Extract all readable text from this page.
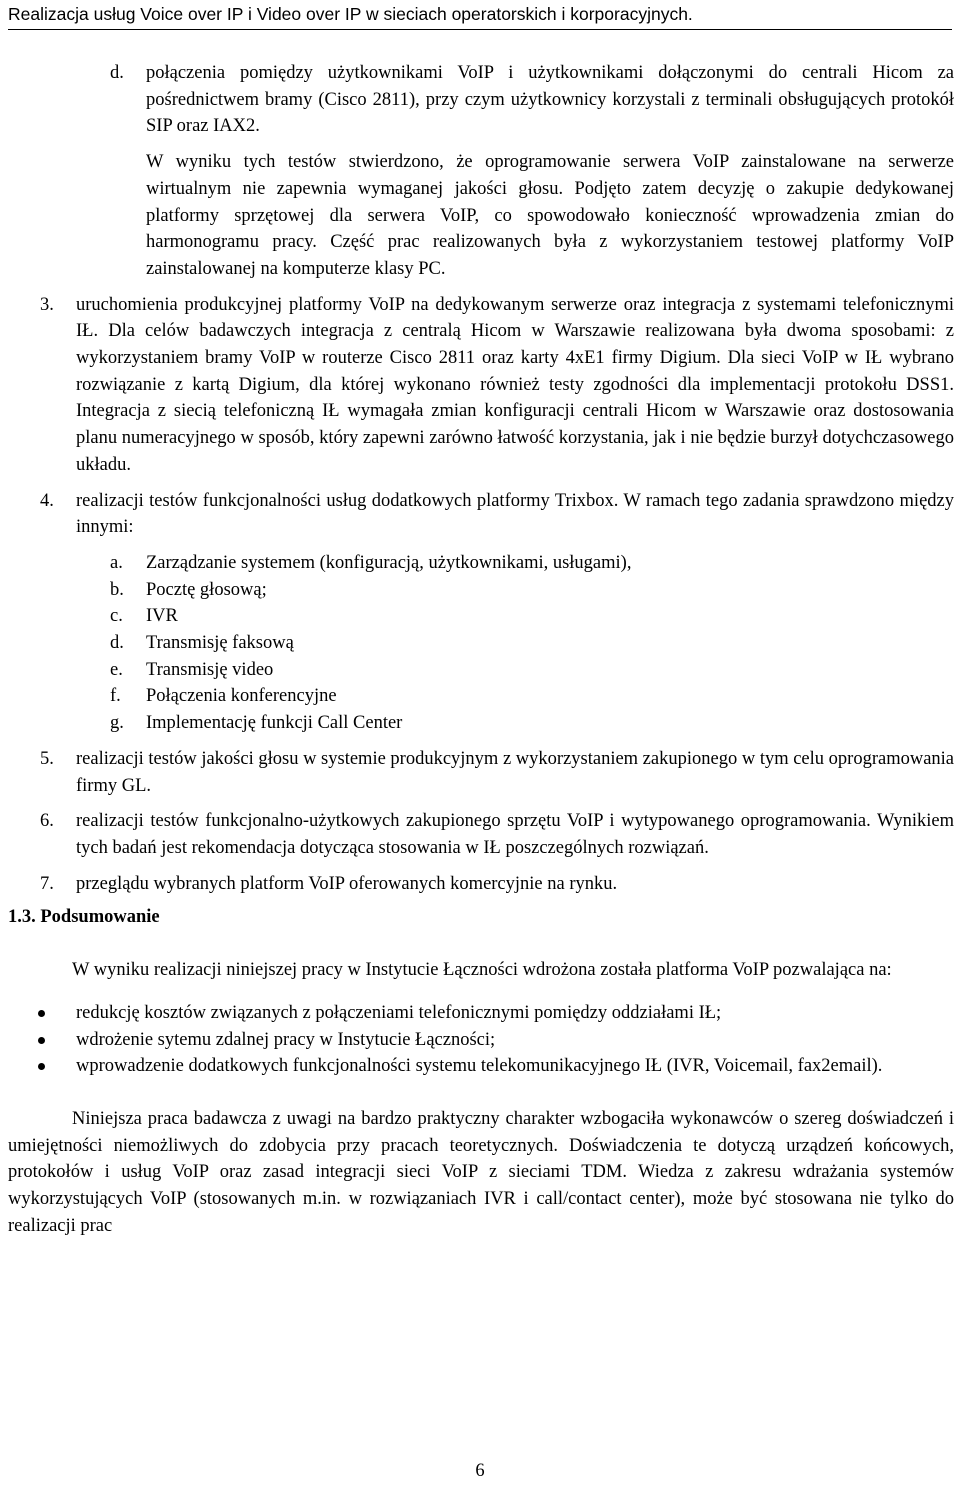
Realizacja usług Voice over IP i Video over IP w sieciach operatorskich i korporacyjnych.
d. połączenia pomiędzy użytkownikami VoIP i użytkownikami dołączonymi do centrali Hicom za pośrednictwem bramy (Cisco 2811), przy czym użytkownicy korzystali z terminali obsługujących protokół SIP oraz IAX2.
W wyniku tych testów stwierdzono, że oprogramowanie serwera VoIP zainstalowane na serwerze wirtualnym nie zapewnia wymaganej jakości głosu. Podjęto zatem decyzję o zakupie dedykowanej platformy sprzętowej dla serwera VoIP, co spowodowało konieczność wprowadzenia zmian do harmonogramu pracy. Część prac realizowanych była z wykorzystaniem testowej platformy VoIP zainstalowanej na komputerze klasy PC.
3. uruchomienia produkcyjnej platformy VoIP na dedykowanym serwerze oraz integracja z systemami telefonicznymi IŁ. Dla celów badawczych integracja z centralą Hicom w Warszawie realizowana była dwoma sposobami: z wykorzystaniem bramy VoIP w routerze Cisco 2811 oraz karty 4xE1 firmy Digium. Dla sieci VoIP w IŁ wybrano rozwiązanie z kartą Digium, dla której wykonano również testy zgodności dla implementacji protokołu DSS1. Integracja z siecią telefoniczną IŁ wymagała zmian konfiguracji centrali Hicom w Warszawie oraz dostosowania planu numeracyjnego w sposób, który zapewni zarówno łatwość korzystania, jak i nie będzie burzył dotychczasowego układu.
4. realizacji testów funkcjonalności usług dodatkowych platformy Trixbox. W ramach tego zadania sprawdzono między innymi:
a. Zarządzanie systemem (konfiguracją, użytkownikami, usługami),
b. Pocztę głosową;
c. IVR
d. Transmisję faksową
e. Transmisję video
f. Połączenia konferencyjne
g. Implementację funkcji Call Center
5. realizacji testów jakości głosu w systemie produkcyjnym z wykorzystaniem zakupionego w tym celu oprogramowania firmy GL.
6. realizacji testów funkcjonalno-użytkowych zakupionego sprzętu VoIP i wytypowanego oprogramowania. Wynikiem tych badań jest rekomendacja dotycząca stosowania w IŁ poszczególnych rozwiązań.
7. przeglądu wybranych platform VoIP oferowanych komercyjnie na rynku.
1.3. Podsumowanie
W wyniku realizacji niniejszej pracy w Instytucie Łączności wdrożona została platforma VoIP pozwalająca na:
redukcję kosztów związanych z połączeniami telefonicznymi pomiędzy oddziałami IŁ;
wdrożenie sytemu zdalnej pracy w Instytucie Łączności;
wprowadzenie dodatkowych funkcjonalności systemu telekomunikacyjnego IŁ (IVR, Voicemail, fax2email).
Niniejsza praca badawcza z uwagi na bardzo praktyczny charakter wzbogaciła wykonawców o szereg doświadczeń i umiejętności niemożliwych do zdobycia przy pracach teoretycznych. Doświadczenia te dotyczą urządzeń końcowych, protokołów i usług VoIP oraz zasad integracji sieci VoIP z sieciami TDM. Wiedza z zakresu wdrażania systemów wykorzystujących VoIP (stosowanych m.in. w rozwiązaniach IVR i call/contact center), może być stosowana nie tylko do realizacji prac
6
